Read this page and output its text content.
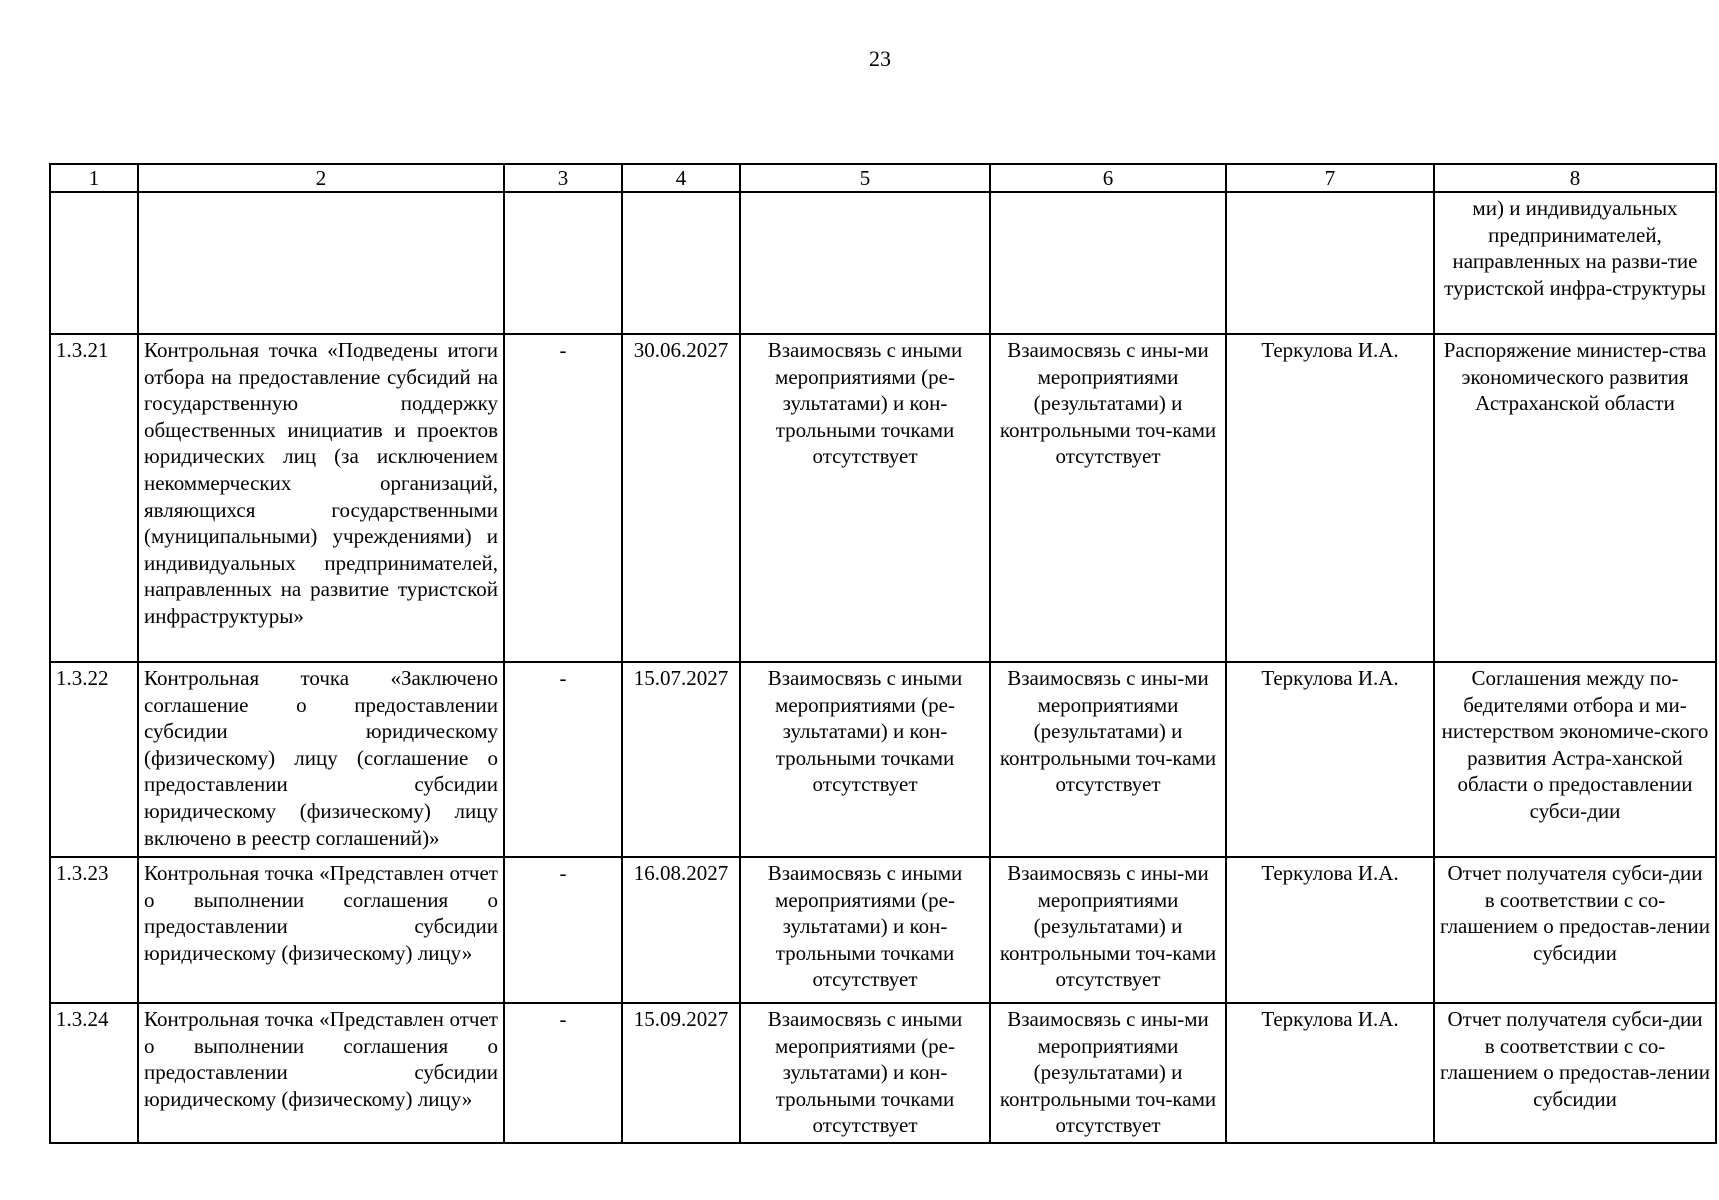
23
1	2	3	4	5	6	7	8
							ми) и индивидуальных предпринимателей, направленных на разви-тие туристской инфра-структуры
1.3.21	Контрольная точка «Подведены итоги отбора на предоставление субсидий на государственную поддержку общественных инициатив и проектов юридических лиц (за исключением некоммерческих организаций, являющихся государственными (муниципальными) учреждениями) и индивидуальных предпринимателей, направленных на развитие туристской инфраструктуры»	-	30.06.2027	Взаимосвязь с иными мероприятиями (ре-зультатами) и кон-трольными точками отсутствует	Взаимосвязь с ины-ми мероприятиями (результатами) и контрольными точ-ками отсутствует	Теркулова И.А.	Распоряжение министер-ства экономического развития Астраханской области
1.3.22	Контрольная точка «Заключено соглашение о предоставлении субсидии юридическому (физическому) лицу (соглашение о предоставлении субсидии юридическому (физическому) лицу включено в реестр соглашений)»	-	15.07.2027	Взаимосвязь с иными мероприятиями (ре-зультатами) и кон-трольными точками отсутствует	Взаимосвязь с ины-ми мероприятиями (результатами) и контрольными точ-ками отсутствует	Теркулова И.А.	Соглашения между по-бедителями отбора и ми-нистерством экономиче-ского развития Астра-ханской области о предоставлении субси-дии
1.3.23	Контрольная точка «Представлен отчет о выполнении соглашения о предоставлении субсидии юридическому (физическому) лицу»	-	16.08.2027	Взаимосвязь с иными мероприятиями (ре-зультатами) и кон-трольными точками отсутствует	Взаимосвязь с ины-ми мероприятиями (результатами) и контрольными точ-ками отсутствует	Теркулова И.А.	Отчет получателя субси-дии в соответствии с со-глашением о предостав-лении субсидии
1.3.24	Контрольная точка «Представлен отчет о выполнении соглашения о предоставлении субсидии юридическому (физическому) лицу»	-	15.09.2027	Взаимосвязь с иными мероприятиями (ре-зультатами) и кон-трольными точками отсутствует	Взаимосвязь с ины-ми мероприятиями (результатами) и контрольными точ-ками отсутствует	Теркулова И.А.	Отчет получателя субси-дии в соответствии с со-глашением о предостав-лении субсидии
